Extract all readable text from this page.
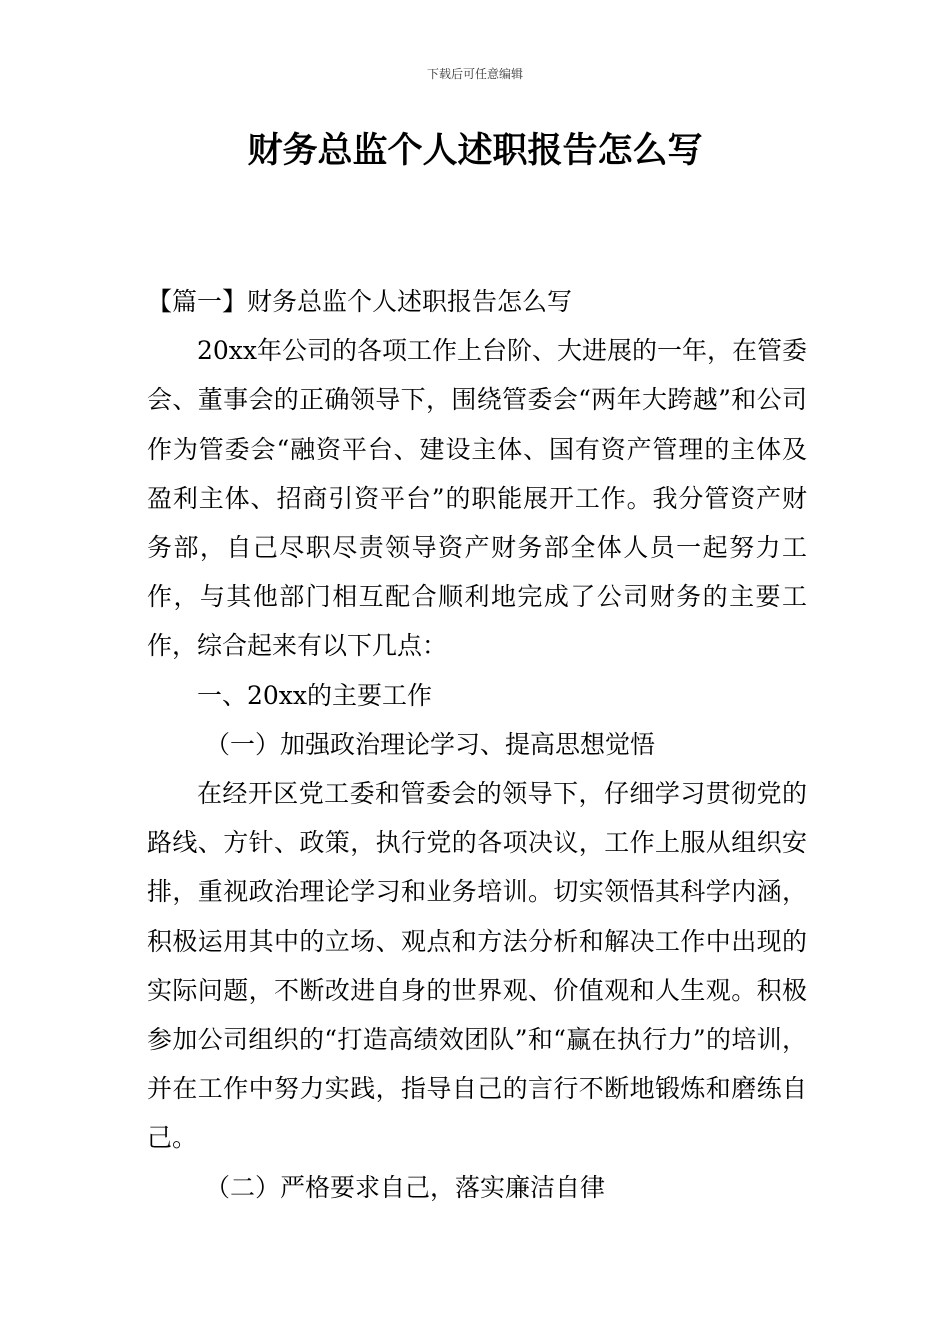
下载后可任意编辑
财务总监个人述职报告怎么写

【篇一】财务总监个人述职报告怎么写

20xx年公司的各项工作上台阶、大进展的一年，在管委会、董事会的正确领导下，围绕管委会“两年大跨越”和公司作为管委会“融资平台、建设主体、国有资产管理的主体及盈利主体、招商引资平台”的职能展开工作。我分管资产财务部，自己尽职尽责领导资产财务部全体人员一起努力工作，与其他部门相互配合顺利地完成了公司财务的主要工作，综合起来有以下几点：

一、20xx的主要工作

（一）加强政治理论学习、提高思想觉悟

在经开区党工委和管委会的领导下，仔细学习贯彻党的路线、方针、政策，执行党的各项决议，工作上服从组织安排，重视政治理论学习和业务培训。切实领悟其科学内涵，积极运用其中的立场、观点和方法分析和解决工作中出现的实际问题，不断改进自身的世界观、价值观和人生观。积极参加公司组织的“打造高绩效团队”和“赢在执行力”的培训，并在工作中努力实践，指导自己的言行不断地锻炼和磨练自己。

（二）严格要求自己，落实廉洁自律
